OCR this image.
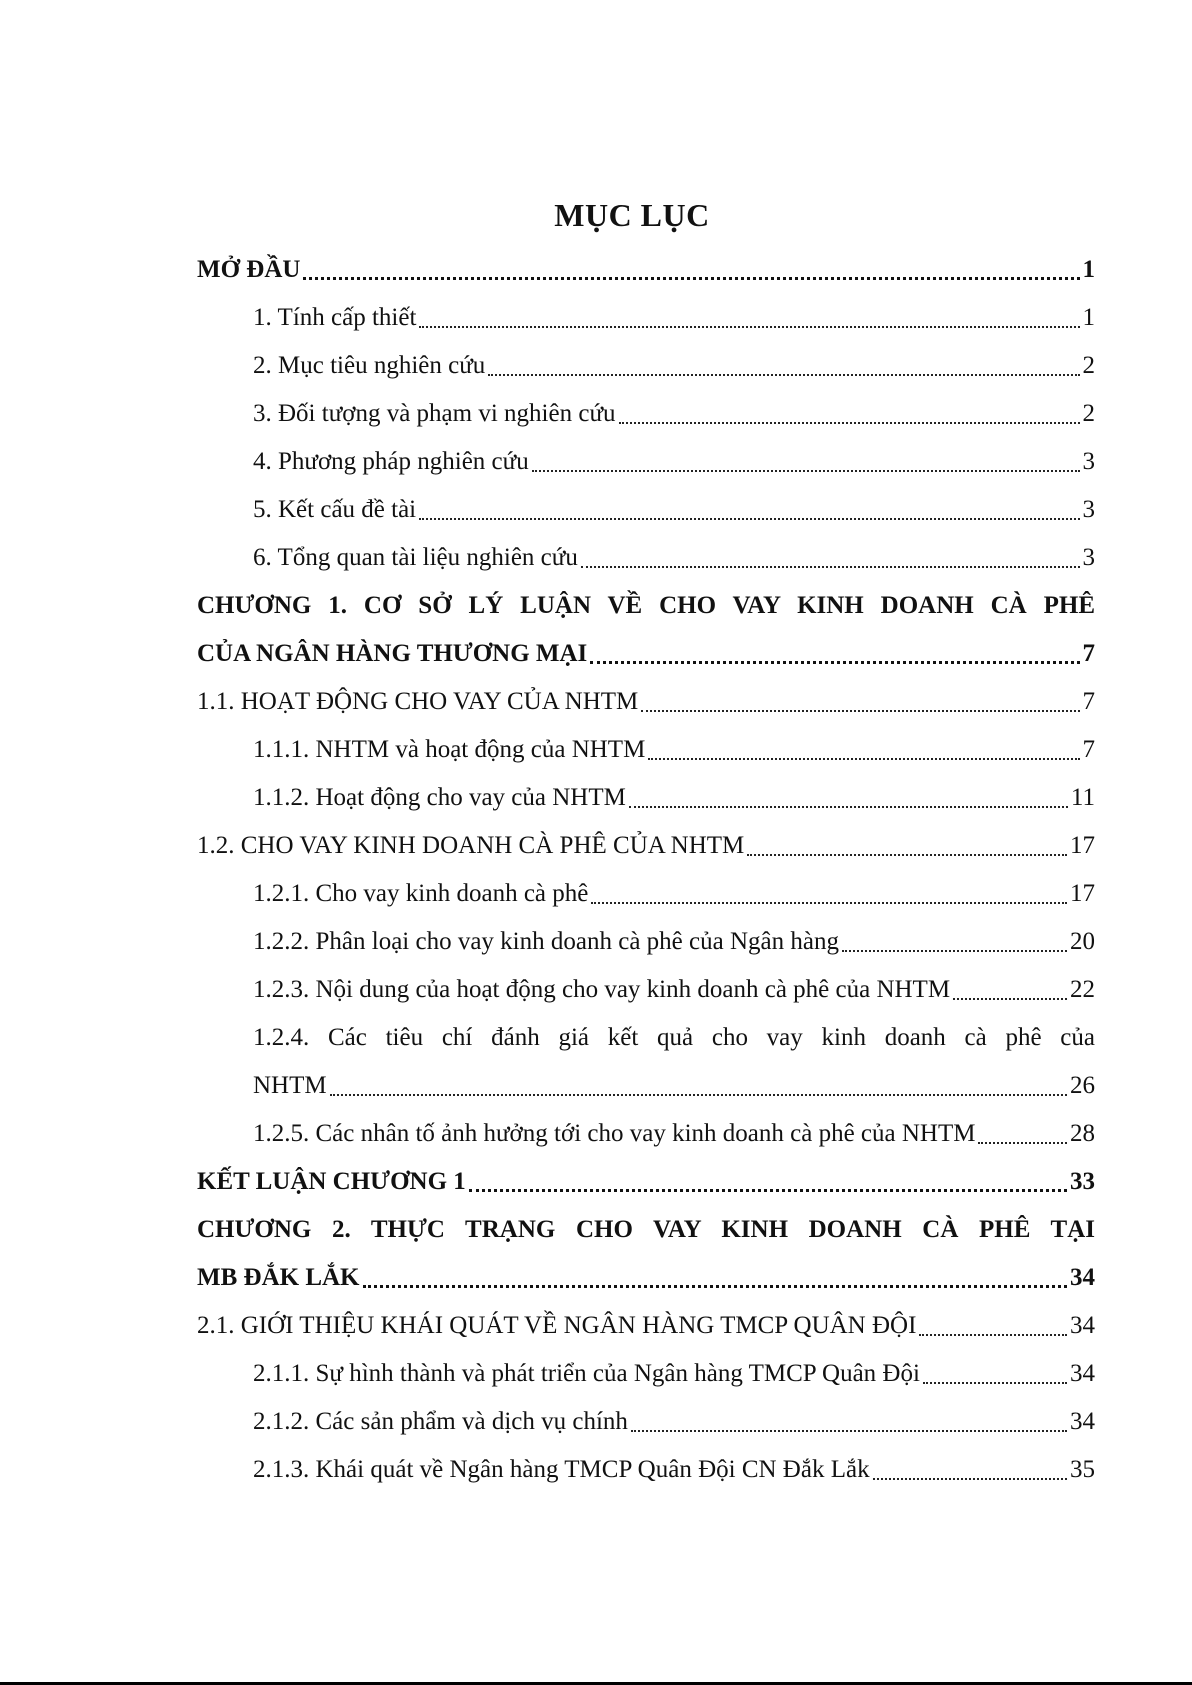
MỤC LỤC
MỞ ĐẦU	1
1. Tính cấp thiết	1
2. Mục tiêu nghiên cứu	2
3. Đối tượng và phạm vi nghiên cứu	2
4. Phương pháp nghiên cứu	3
5. Kết cấu đề tài	3
6. Tổng quan tài liệu nghiên cứu	3
CHƯƠNG 1. CƠ SỞ LÝ LUẬN VỀ CHO VAY KINH DOANH CÀ PHÊ
CỦA NGÂN HÀNG THƯƠNG MẠI	7
1.1. HOẠT ĐỘNG CHO VAY CỦA NHTM	7
1.1.1. NHTM và hoạt động của NHTM	7
1.1.2. Hoạt động cho vay của NHTM	11
1.2. CHO VAY KINH DOANH CÀ PHÊ CỦA NHTM	17
1.2.1. Cho vay kinh doanh cà phê	17
1.2.2. Phân loại cho vay kinh doanh cà phê của Ngân hàng	20
1.2.3. Nội dung của hoạt động cho vay kinh doanh cà phê của NHTM	22
1.2.4. Các tiêu chí đánh giá kết quả cho vay kinh doanh cà phê của
NHTM	26
1.2.5. Các nhân tố ảnh hưởng tới cho vay kinh doanh cà phê của NHTM	28
KẾT LUẬN CHƯƠNG 1	33
CHƯƠNG 2. THỰC TRẠNG CHO VAY KINH DOANH CÀ PHÊ TẠI
MB ĐẮK LẮK	34
2.1. GIỚI THIỆU KHÁI QUÁT VỀ NGÂN HÀNG TMCP QUÂN ĐỘI	34
2.1.1. Sự hình thành và phát triển của Ngân hàng TMCP Quân Đội	34
2.1.2. Các sản phẩm và dịch vụ chính	34
2.1.3. Khái quát về Ngân hàng TMCP Quân Đội CN Đắk Lắk	35
